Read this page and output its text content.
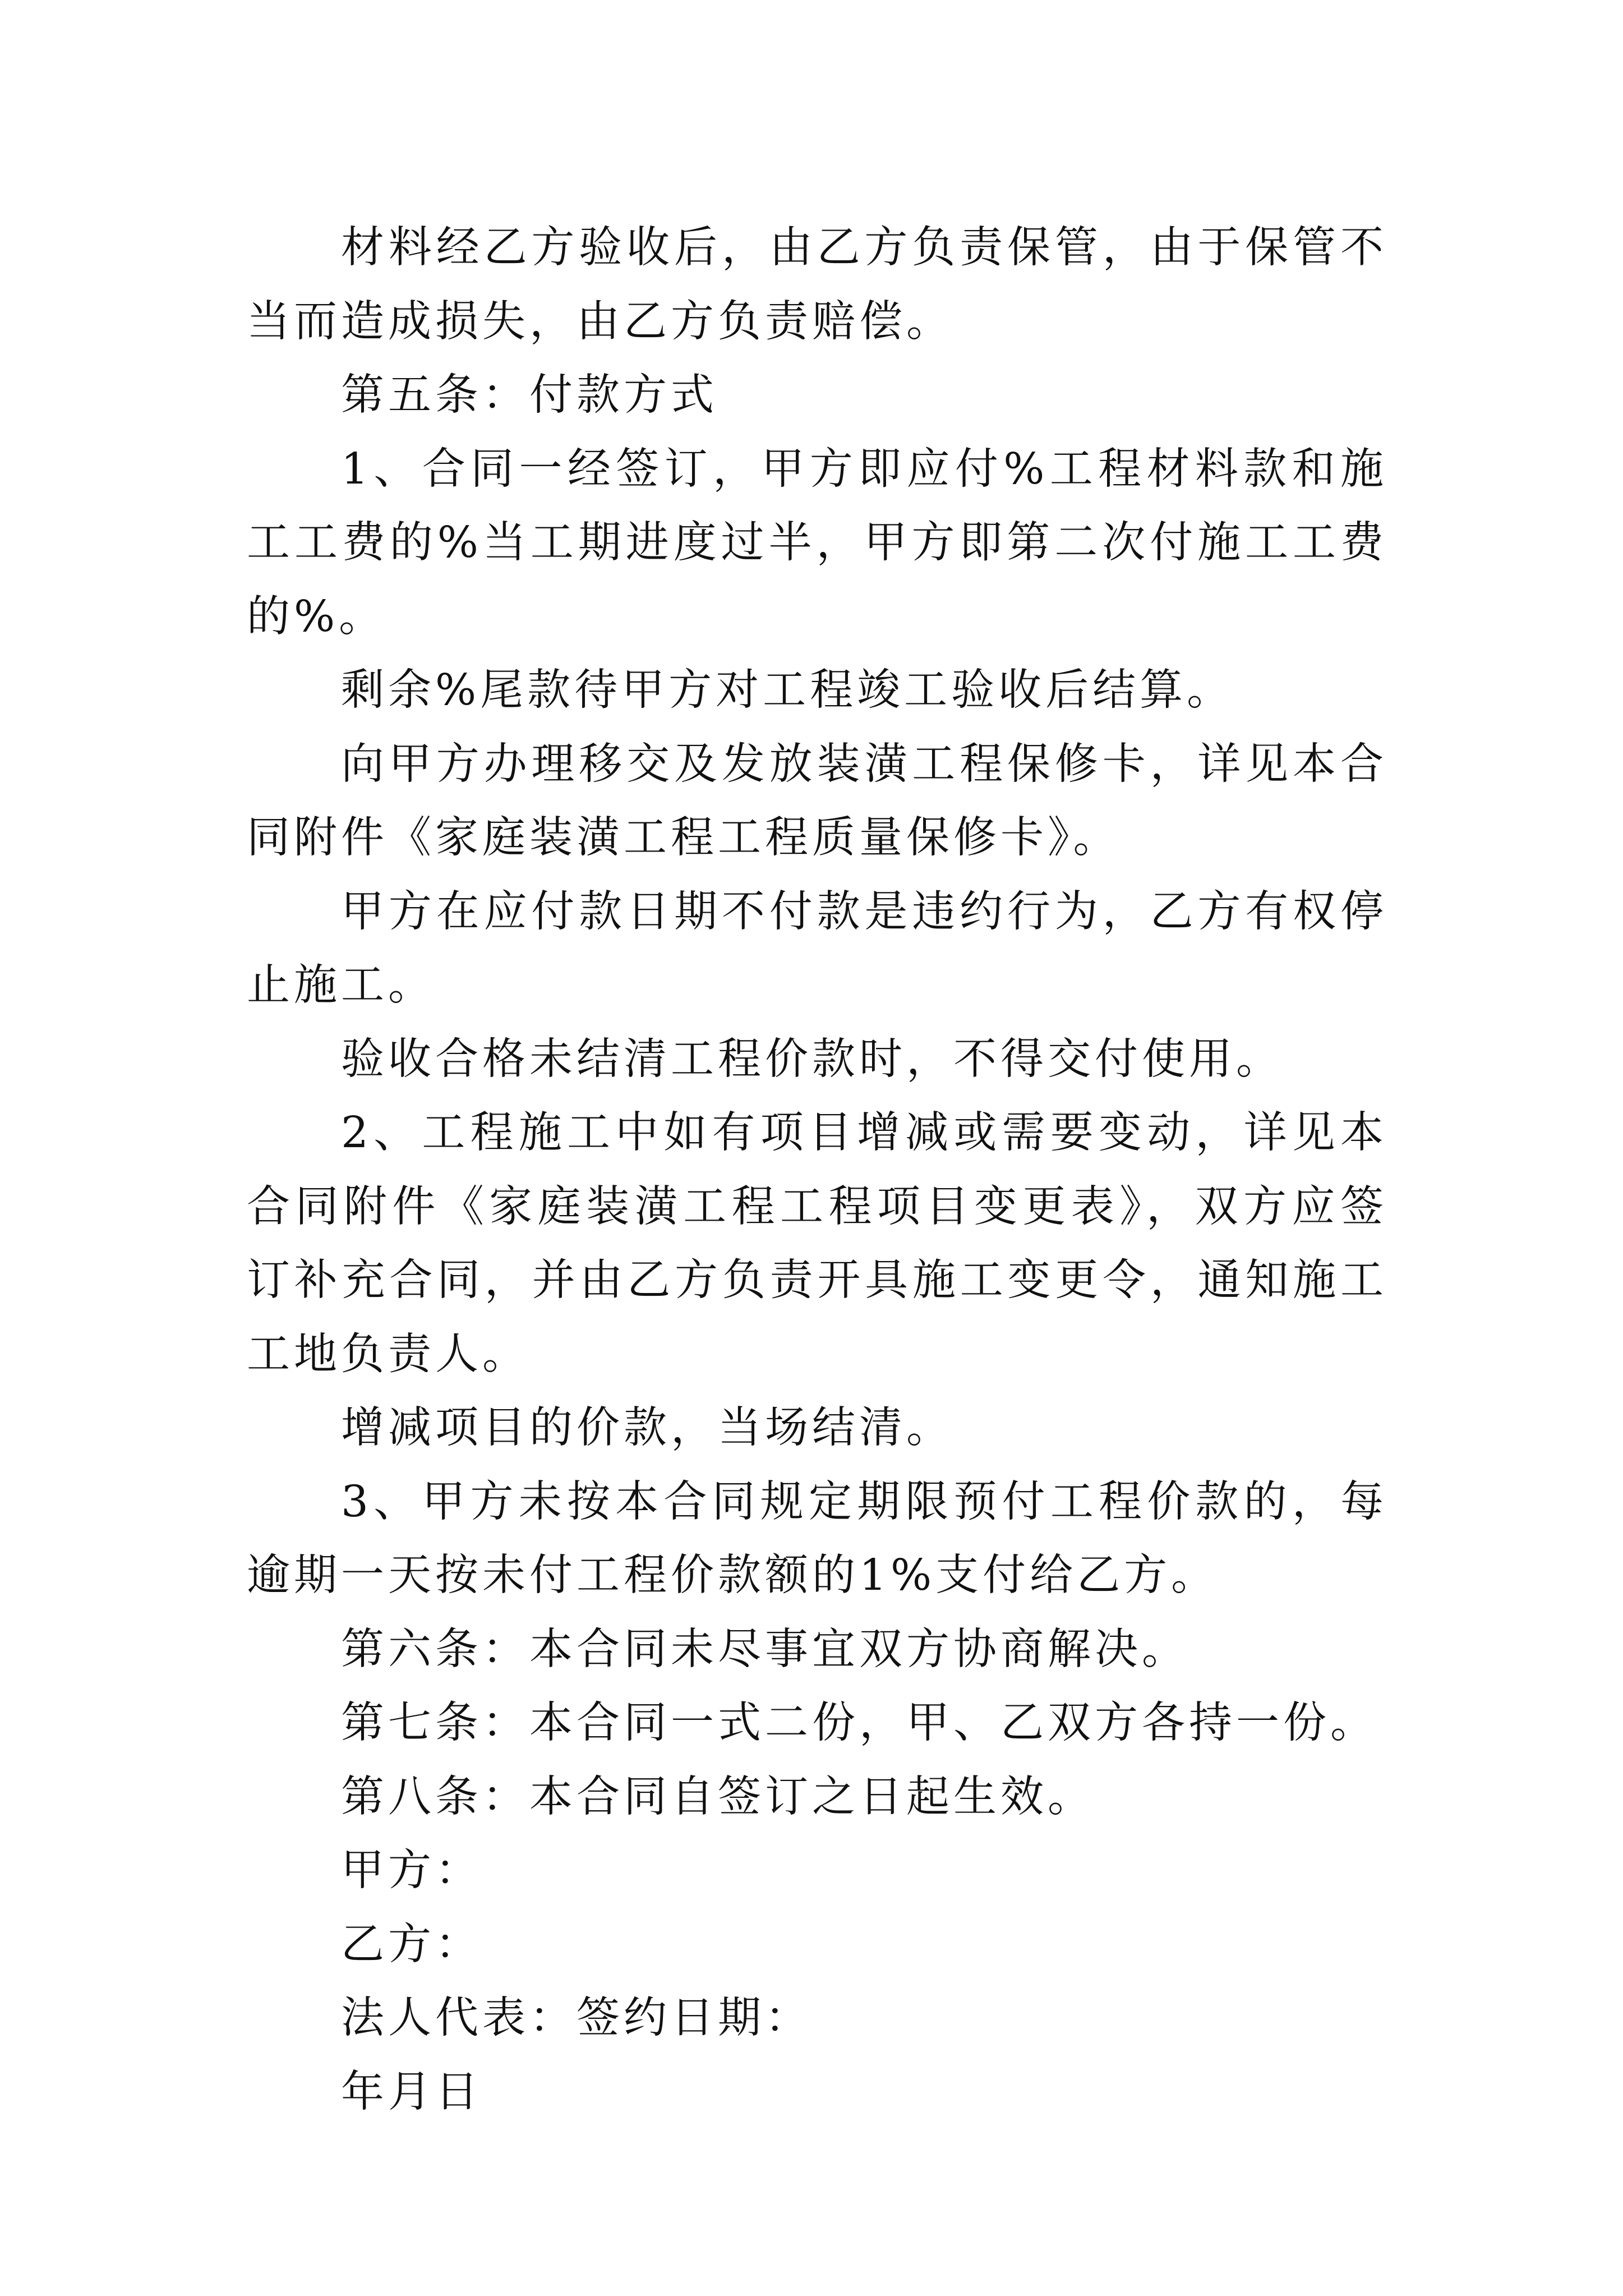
材料经乙方验收后，由乙方负责保管，由于保管不当而造成损失，由乙方负责赔偿。

第五条：付款方式

1、合同一经签订，甲方即应付%工程材料款和施工工费的%当工期进度过半，甲方即第二次付施工工费的%。

剩余%尾款待甲方对工程竣工验收后结算。

向甲方办理移交及发放装潢工程保修卡，详见本合同附件《家庭装潢工程工程质量保修卡》。

甲方在应付款日期不付款是违约行为，乙方有权停止施工。

验收合格未结清工程价款时，不得交付使用。

2、工程施工中如有项目增减或需要变动，详见本合同附件《家庭装潢工程工程项目变更表》，双方应签订补充合同，并由乙方负责开具施工变更令，通知施工工地负责人。

增减项目的价款，当场结清。

3、甲方未按本合同规定期限预付工程价款的，每逾期一天按未付工程价款额的1%支付给乙方。

第六条：本合同未尽事宜双方协商解决。

第七条：本合同一式二份，甲、乙双方各持一份。

第八条：本合同自签订之日起生效。

甲方：

乙方：

法人代表：签约日期：

年月日
